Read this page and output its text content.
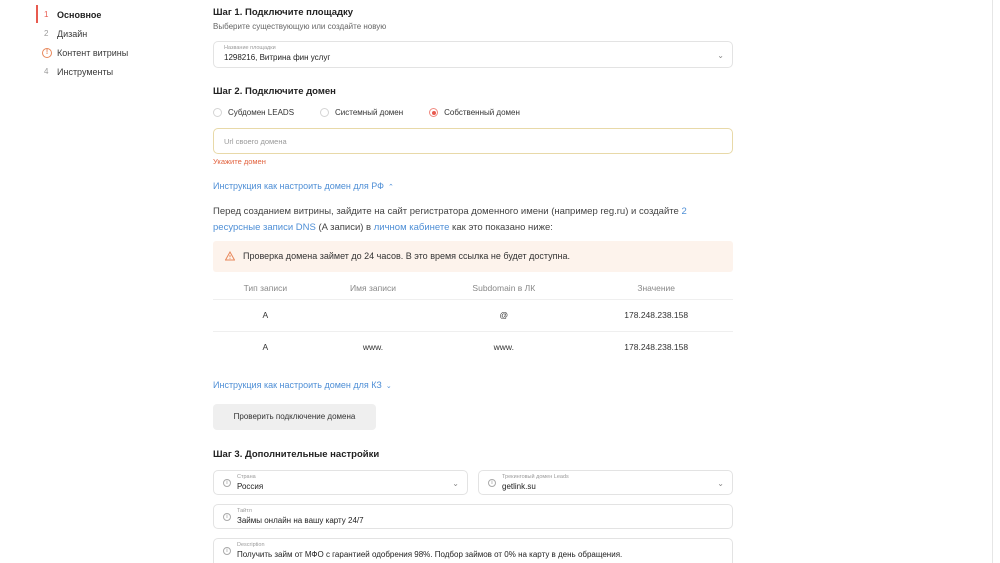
1 Основное
2 Дизайн
! Контент витрины
4 Инструменты
Шаг 1. Подключите площадку
Выберите существующую или создайте новую
Название площадки
1298216, Витрина фин услуг	⌄
Шаг 2. Подключите домен
Субдомен LEADS	Системный домен	Собственный домен
Url своего домена
Укажите домен
Инструкция как настроить домен для РФ ⌃
Перед созданием витрины, зайдите на сайт регистратора доменного имени (например reg.ru) и создайте 2 ресурсные записи DNS (A записи) в личном кабинете как это показано ниже:
Проверка домена займет до 24 часов. В это время ссылка не будет доступна.
Тип записи	Имя записи	Subdomain в ЛК	Значение
A		@	178.248.238.158
A	www.	www.	178.248.238.158
Инструкция как настроить домен для КЗ ⌄
Проверить подключение домена
Шаг 3. Дополнительные настройки
i
Страна
Россия	⌄	i
Трекинговый домен Leads
getlink.su	⌄
i
Тайтл
Займы онлайн на вашу карту 24/7
i
Description
Получить займ от МФО с гарантией одобрения 98%. Подбор займов от 0% на карту в день обращения.
